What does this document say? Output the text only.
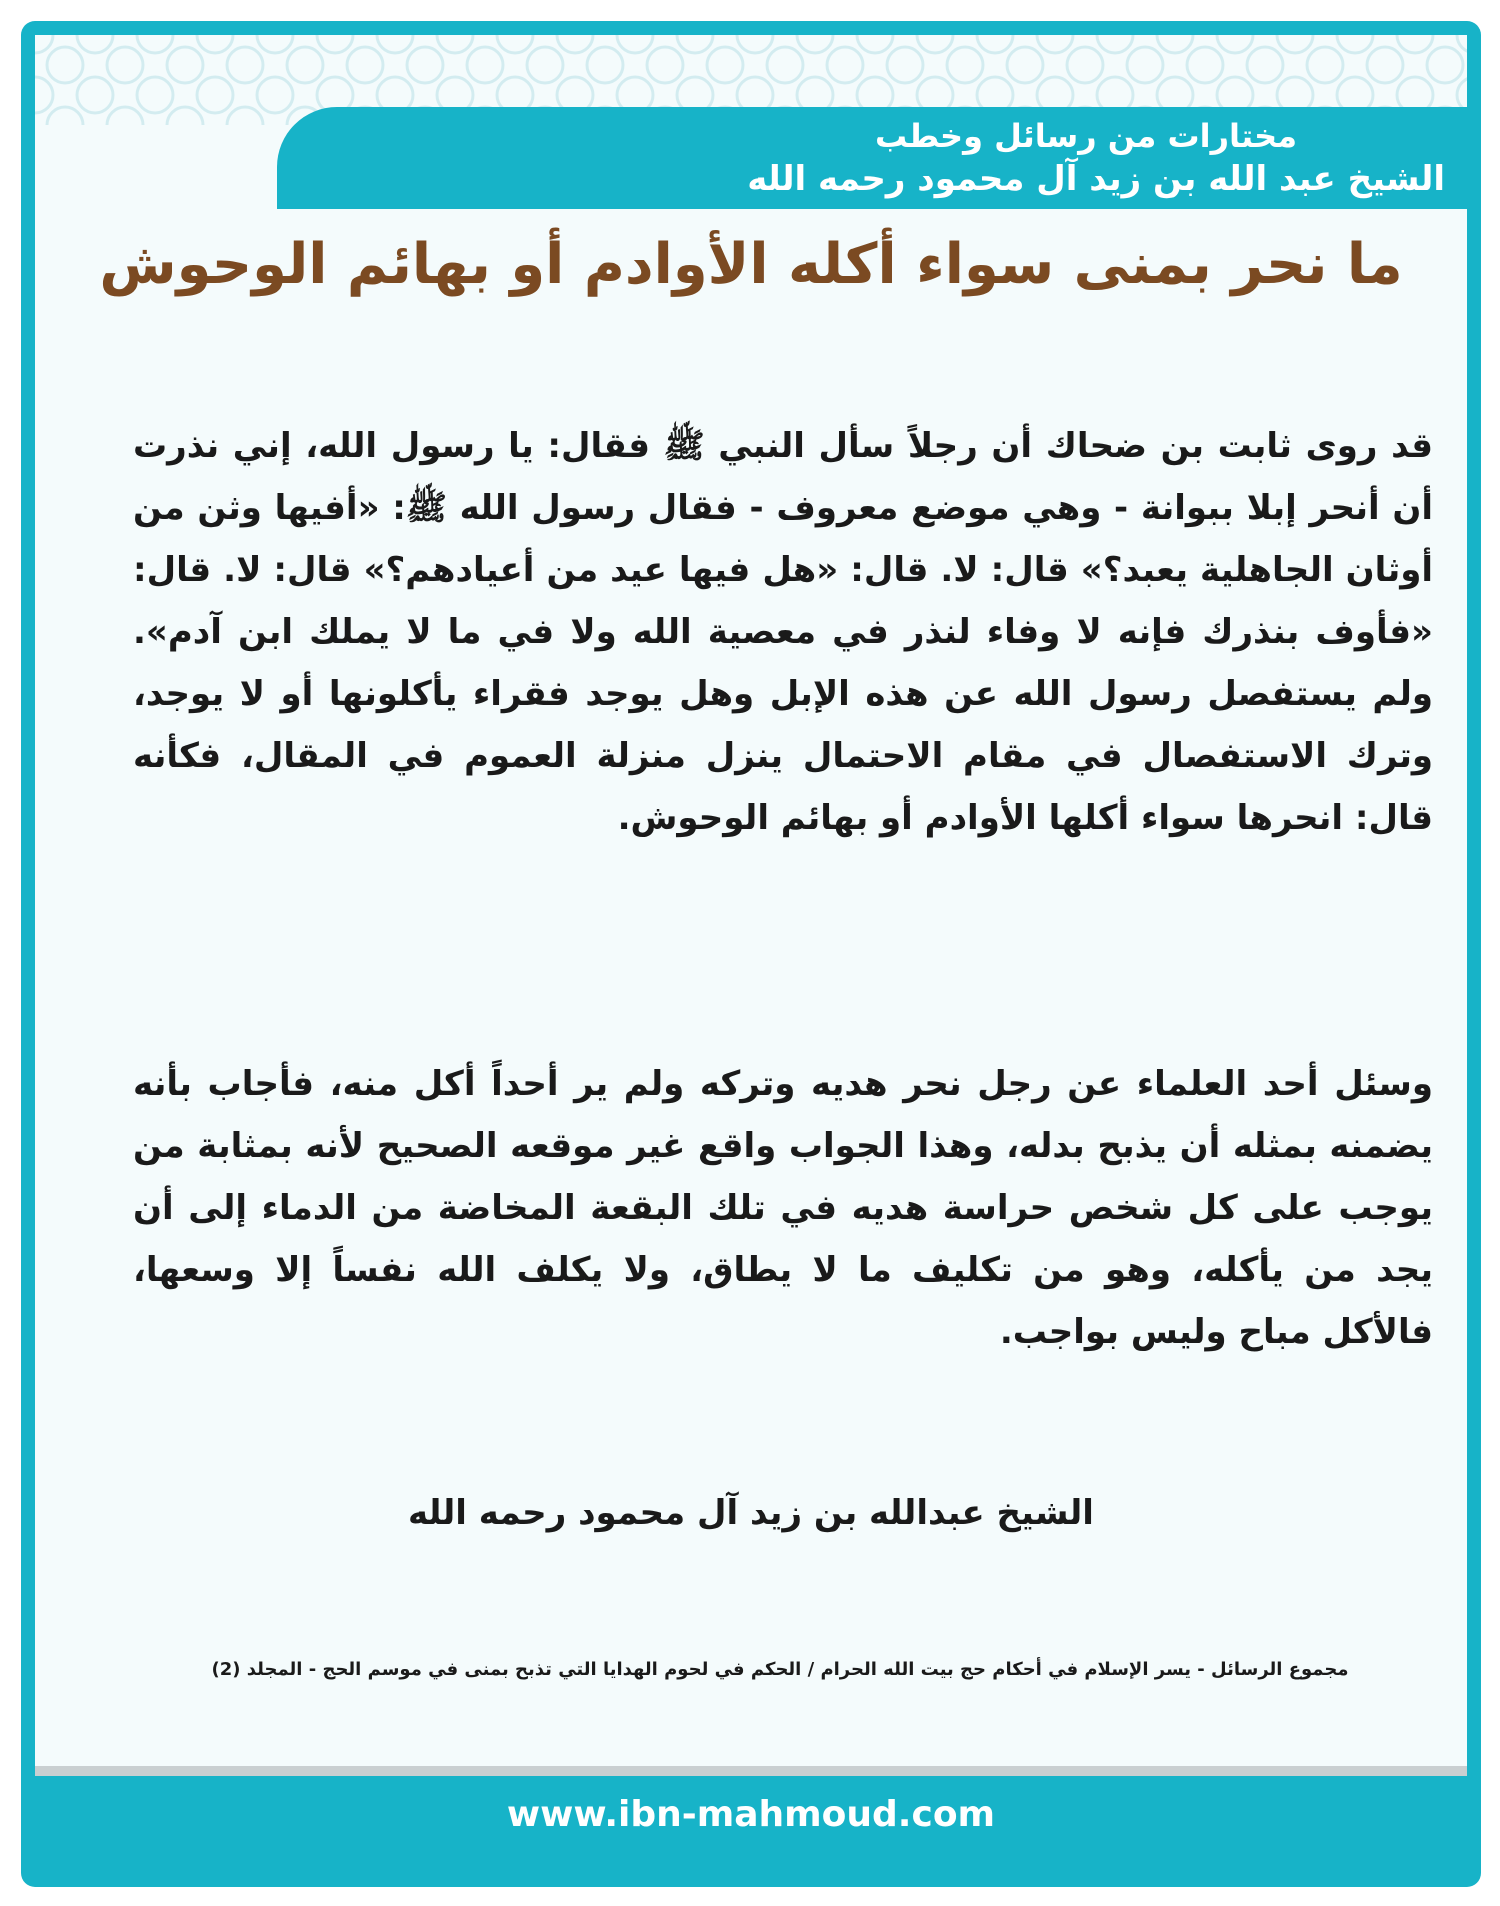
مختارات من رسائل وخطب
الشيخ عبد الله بن زيد آل محمود رحمه الله
ما نحر بمنى سواء أكله الأوادم أو بهائم الوحوش
قد روى ثابت بن ضحاك أن رجلاً سأل النبي ﷺ فقال: يا رسول الله، إني نذرت أن أنحر إبلا ببوانة - وهي موضع معروف - فقال رسول الله ﷺ: «أفيها وثن من أوثان الجاهلية يعبد؟» قال: لا. قال: «هل فيها عيد من أعيادهم؟» قال: لا. قال: «فأوف بنذرك فإنه لا وفاء لنذر في معصية الله ولا في ما لا يملك ابن آدم». ولم يستفصل رسول الله عن هذه الإبل وهل يوجد فقراء يأكلونها أو لا يوجد، وترك الاستفصال في مقام الاحتمال ينزل منزلة العموم في المقال، فكأنه قال: انحرها سواء أكلها الأوادم أو بهائم الوحوش.
وسئل أحد العلماء عن رجل نحر هديه وتركه ولم ير أحداً أكل منه، فأجاب بأنه يضمنه بمثله أن يذبح بدله، وهذا الجواب واقع غير موقعه الصحيح لأنه بمثابة من يوجب على كل شخص حراسة هديه في تلك البقعة المخاضة من الدماء إلى أن يجد من يأكله، وهو من تكليف ما لا يطاق، ولا يكلف الله نفساً إلا وسعها، فالأكل مباح وليس بواجب.
الشيخ عبدالله بن زيد آل محمود رحمه الله
مجموع الرسائل - يسر الإسلام في أحكام حج بيت الله الحرام / الحكم في لحوم الهدايا التي تذبح بمنى في موسم الحج - المجلد (2)
www.ibn-mahmoud.com
